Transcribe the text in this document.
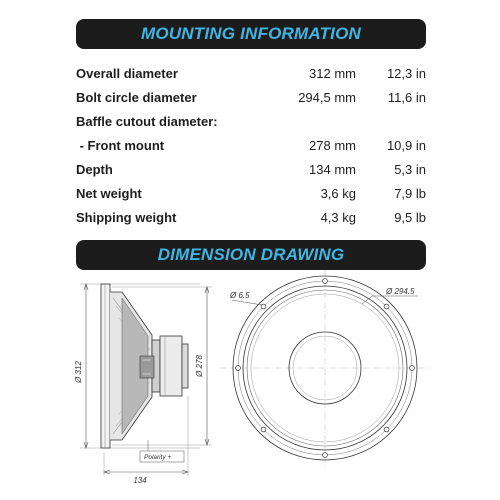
MOUNTING INFORMATION
Overall diameter	312 mm 12,3 in
Bolt circle diameter	294,5 mm 11,6 in
Baffle cutout diameter:
- Front mount	278 mm 10,9 in
Depth	134 mm	5,3 in
Net weight	3,6 kg	7,9 lb
Shipping weight	4,3 kg	9,5 lb
DIMENSION DRAWING
Polarity +
134
Ø 312	Ø 278
Ø 6.5	Ø 294.5
